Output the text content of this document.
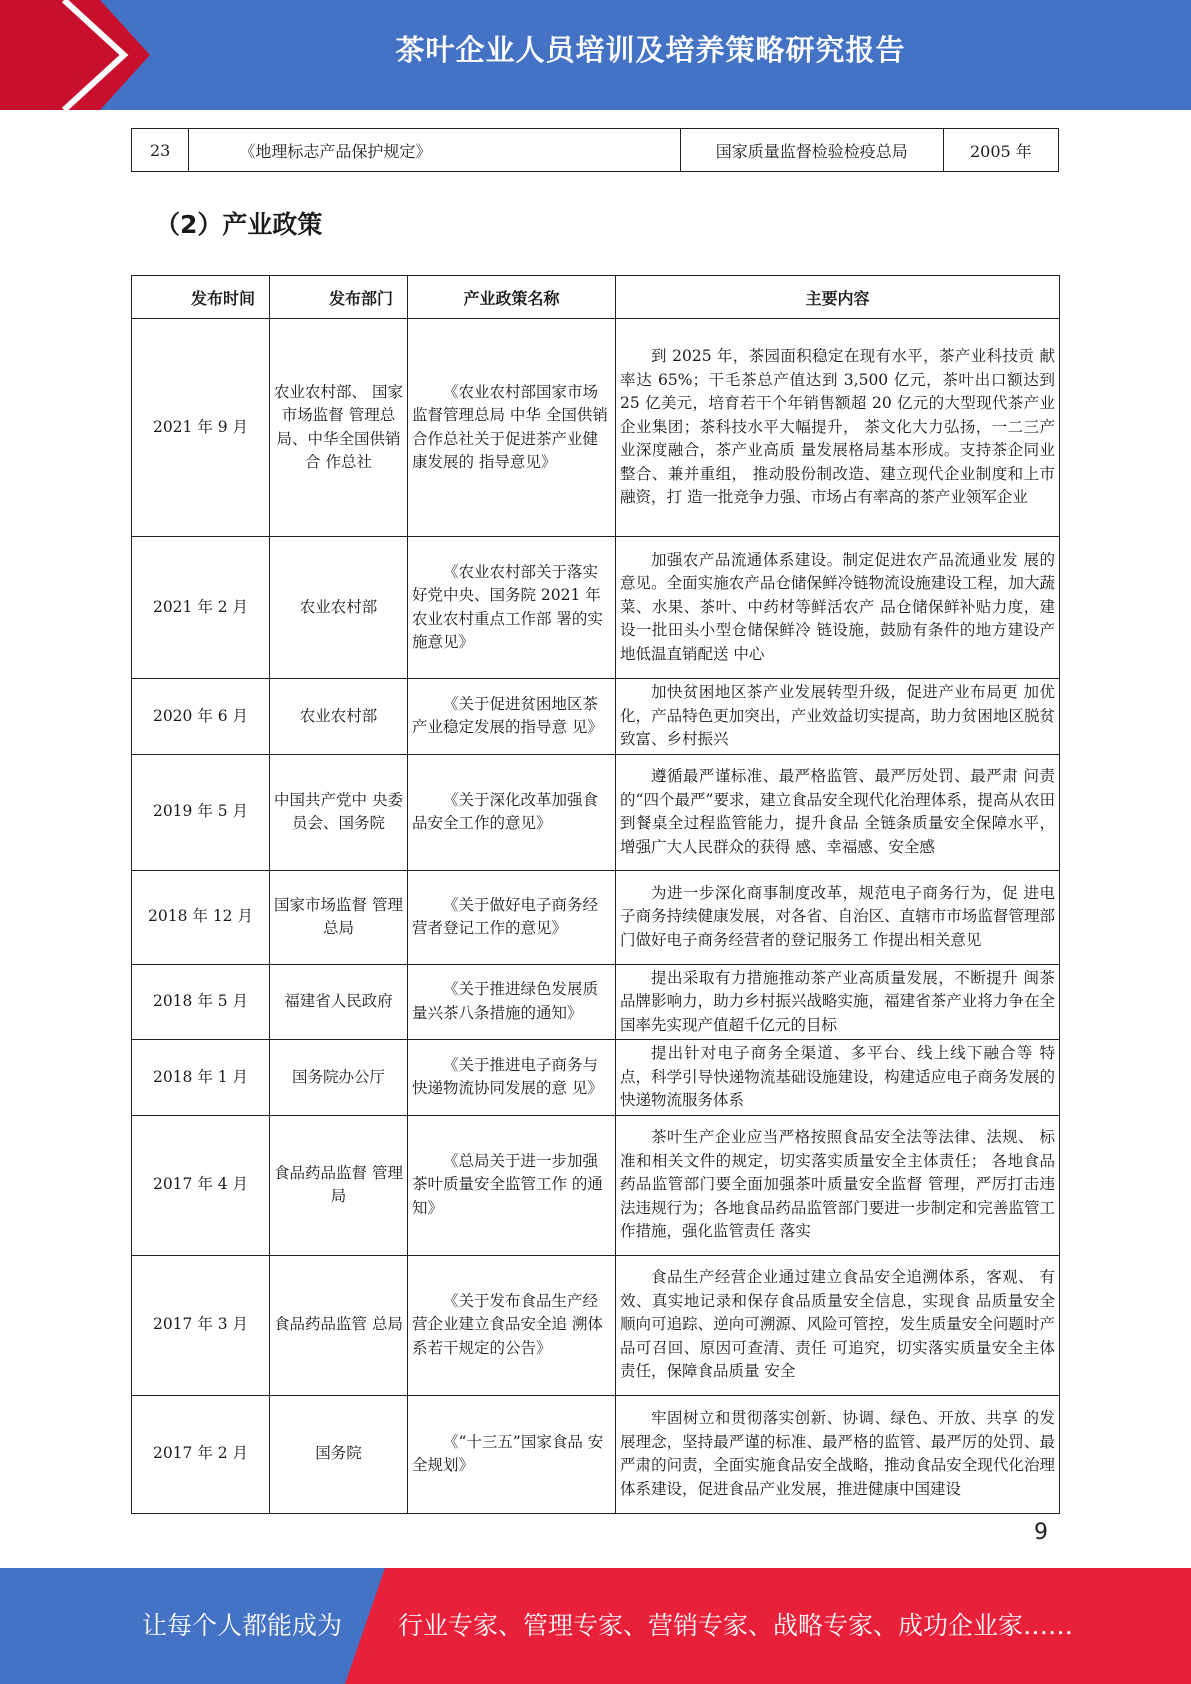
茶叶企业人员培训及培养策略研究报告
23	《地理标志产品保护规定》	国家质量监督检验检疫总局	2005 年
（2）产业政策
发布时间	发布部门	产业政策名称	主要内容
2021 年 9 月	农业农村部、 国家市场监督 管理总局、中华全国供销合 作总社	《农业农村部国家市场监督管理总局 中华 全国供销合作总社关于促进茶产业健康发展的 指导意见》	到 2025 年，茶园面积稳定在现有水平，茶产业科技贡 献率达 65%；干毛茶总产值达到 3,500 亿元，茶叶出口额达到 25 亿美元，培育若干个年销售额超 20 亿元的大型现代茶产业企业集团；茶科技水平大幅提升， 茶文化大力弘扬，一二三产业深度融合，茶产业高质 量发展格局基本形成。支持茶企同业整合、兼并重组， 推动股份制改造、建立现代企业制度和上市融资，打 造一批竞争力强、市场占有率高的茶产业领军企业
2021 年 2 月	农业农村部	《农业农村部关于落实 好党中央、国务院 2021 年农业农村重点工作部 署的实施意见》	加强农产品流通体系建设。制定促进农产品流通业发 展的意见。全面实施农产品仓储保鲜冷链物流设施建设工程，加大蔬菜、水果、茶叶、中药材等鲜活农产 品仓储保鲜补贴力度，建设一批田头小型仓储保鲜冷 链设施，鼓励有条件的地方建设产地低温直销配送 中心
2020 年 6 月	农业农村部	《关于促进贫困地区茶 产业稳定发展的指导意 见》	加快贫困地区茶产业发展转型升级，促进产业布局更 加优化，产品特色更加突出，产业效益切实提高，助力贫困地区脱贫致富、乡村振兴
2019 年 5 月	中国共产党中 央委员会、国务院	《关于深化改革加强食 品安全工作的意见》	遵循最严谨标准、最严格监管、最严厉处罚、最严肃 问责的“四个最严”要求，建立食品安全现代化治理体系，提高从农田到餐桌全过程监管能力，提升食品 全链条质量安全保障水平，增强广大人民群众的获得 感、幸福感、安全感
2018 年 12 月	国家市场监督 管理总局	《关于做好电子商务经 营者登记工作的意见》	为进一步深化商事制度改革，规范电子商务行为，促 进电子商务持续健康发展，对各省、自治区、直辖市市场监督管理部门做好电子商务经营者的登记服务工 作提出相关意见
2018 年 5 月	福建省人民政府	《关于推进绿色发展质 量兴茶八条措施的通知》	提出采取有力措施推动茶产业高质量发展，不断提升 闽茶品牌影响力，助力乡村振兴战略实施，福建省茶产业将力争在全国率先实现产值超千亿元的目标
2018 年 1 月	国务院办公厅	《关于推进电子商务与 快递物流协同发展的意 见》	提出针对电子商务全渠道、多平台、线上线下融合等 特点，科学引导快递物流基础设施建设，构建适应电子商务发展的快递物流服务体系
2017 年 4 月	食品药品监督 管理局	《总局关于进一步加强 茶叶质量安全监管工作 的通知》	茶叶生产企业应当严格按照食品安全法等法律、法规、 标准和相关文件的规定，切实落实质量安全主体责任； 各地食品药品监管部门要全面加强茶叶质量安全监督 管理，严厉打击违法违规行为；各地食品药品监管部门要进一步制定和完善监管工作措施，强化监管责任 落实
2017 年 3 月	食品药品监管 总局	《关于发布食品生产经 营企业建立食品安全追 溯体系若干规定的公告》	食品生产经营企业通过建立食品安全追溯体系，客观、 有效、真实地记录和保存食品质量安全信息，实现食 品质量安全顺向可追踪、逆向可溯源、风险可管控，发生质量安全问题时产品可召回、原因可查清、责任 可追究，切实落实质量安全主体责任，保障食品质量 安全
2017 年 2 月	国务院	《“十三五”国家食品 安全规划》	牢固树立和贯彻落实创新、协调、绿色、开放、共享 的发展理念，坚持最严谨的标准、最严格的监管、最严厉的处罚、最严肃的问责，全面实施食品安全战略，推动食品安全现代化治理体系建设，促进食品产业发展，推进健康中国建设
9
让每个人都能成为 行业专家、管理专家、营销专家、战略专家、成功企业家……
